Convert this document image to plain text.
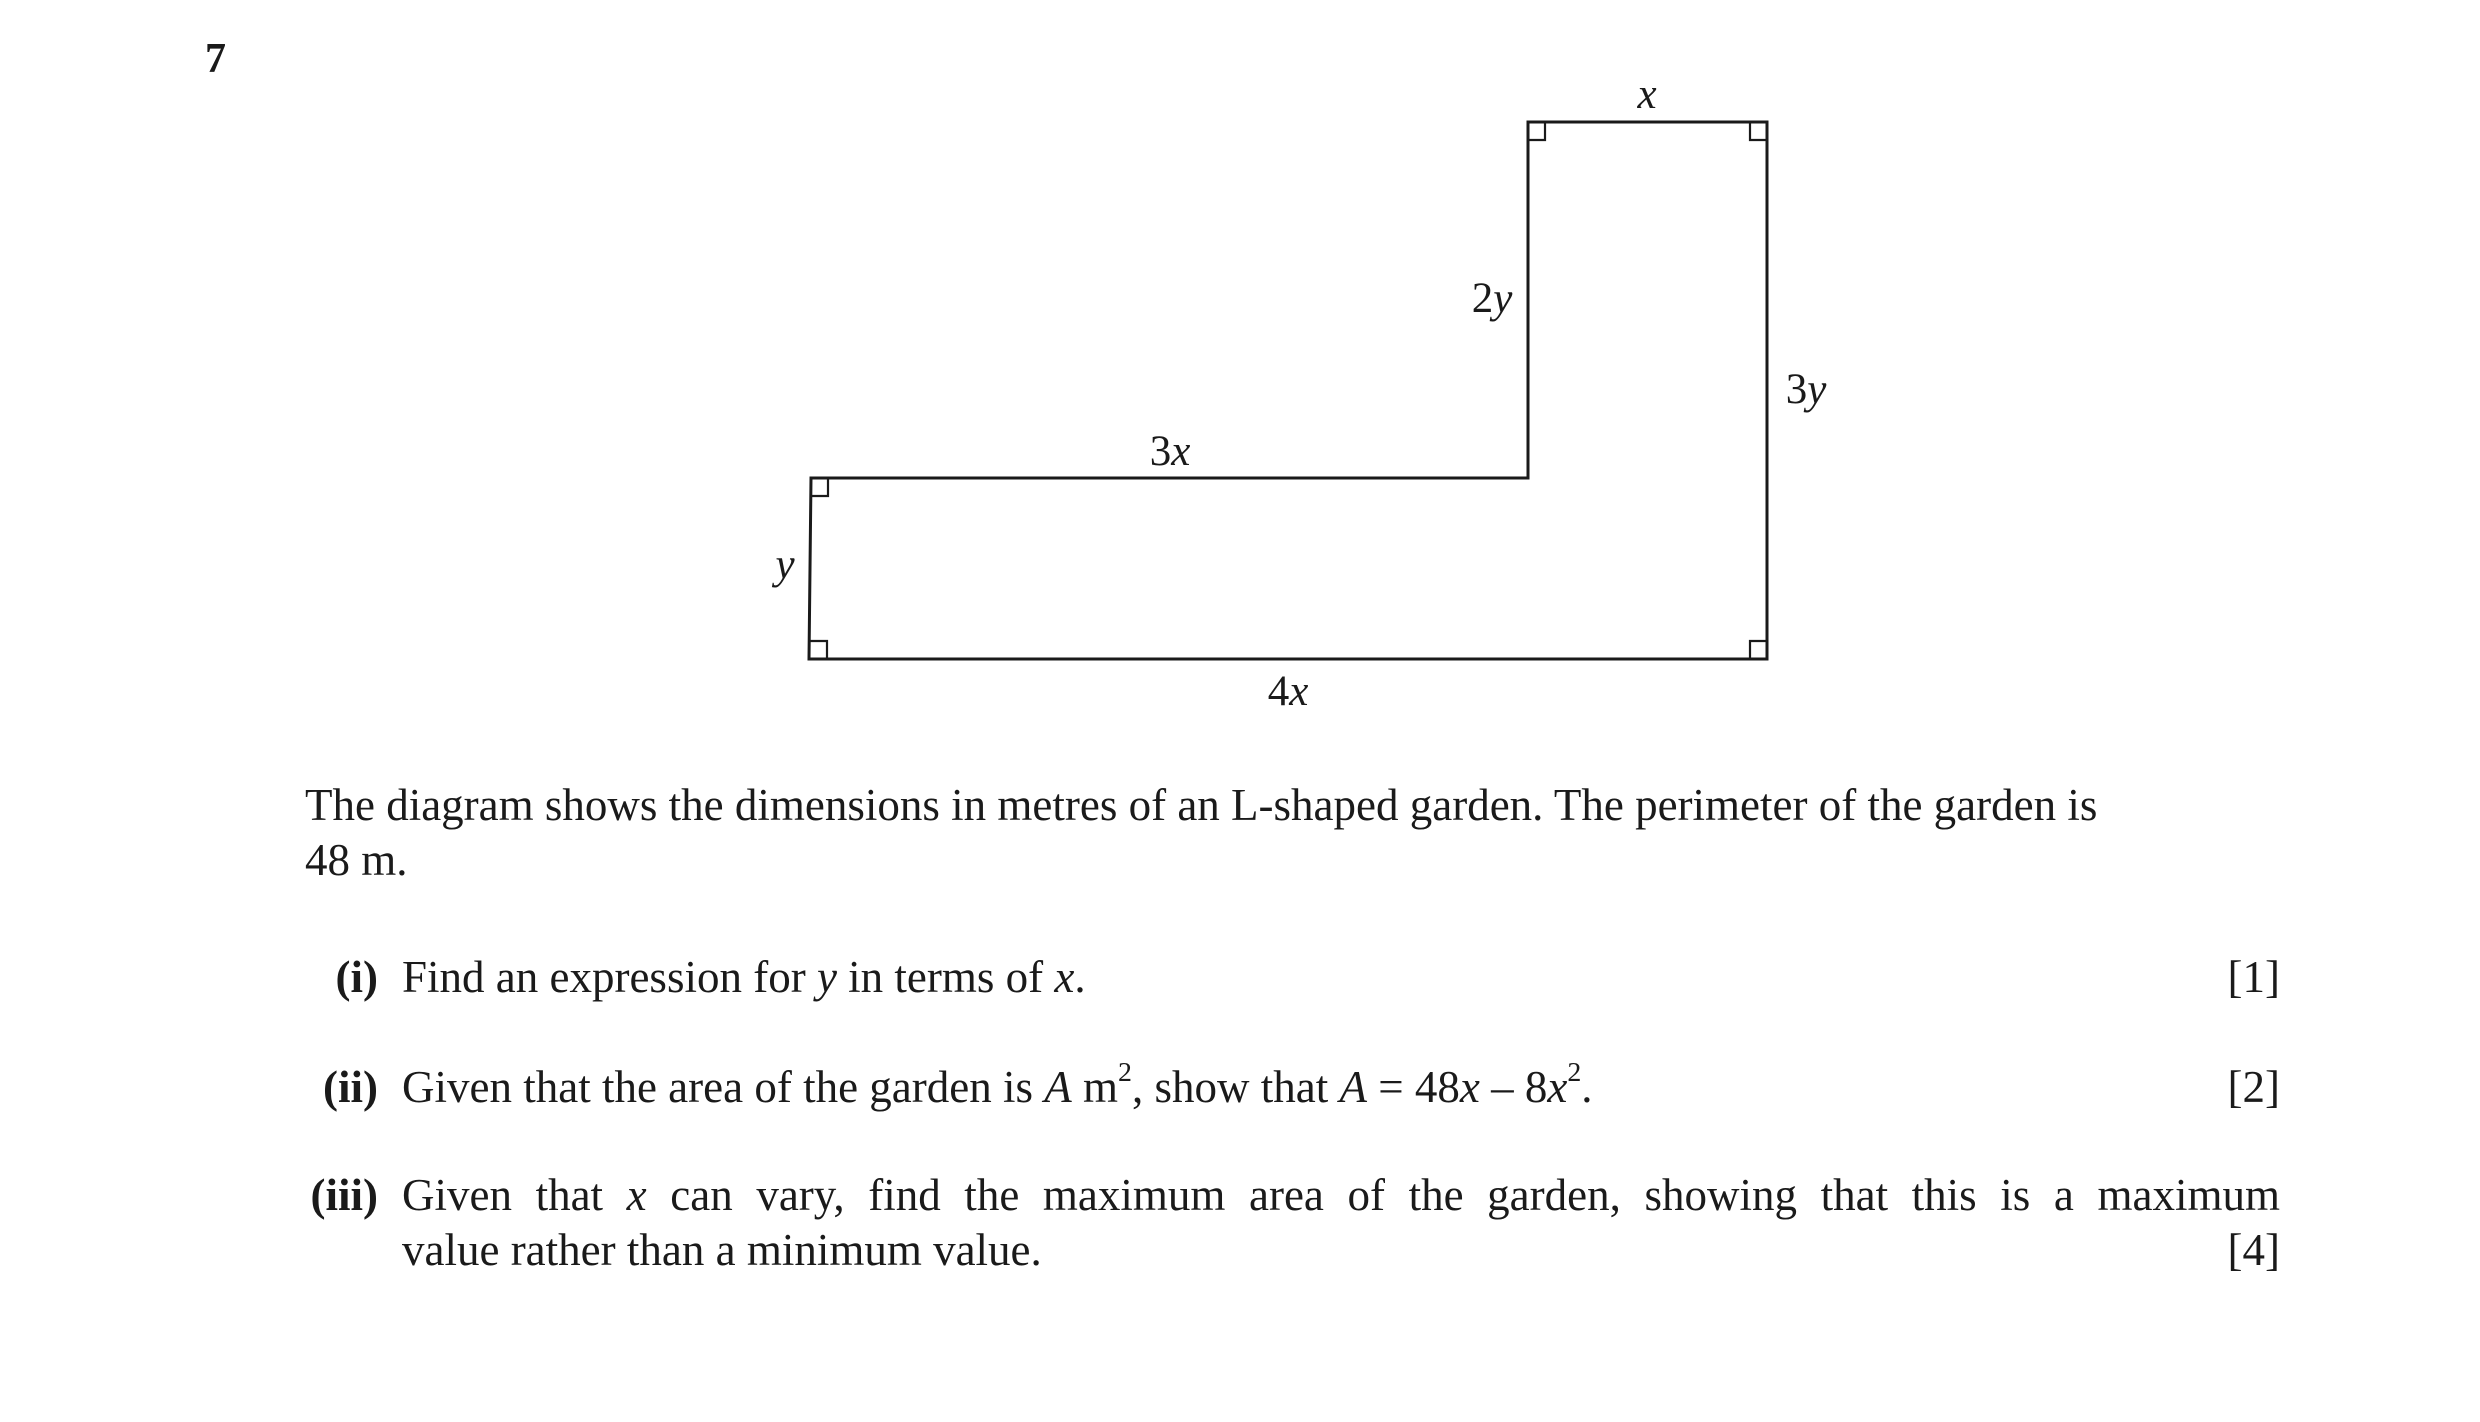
7
x
2y
3y
3x
y
4x
The diagram shows the dimensions in metres of an L-shaped garden. The perimeter of the garden is
48 m.
(i) Find an expression for y in terms of x.	[1]
(ii) Given that the area of the garden is A $m^2$, show that $A = 48x - 8x^2$.	[2]
(iii) Given that x can vary, find the maximum area of the garden, showing that this is a maximum
value rather than a minimum value.	[4]
